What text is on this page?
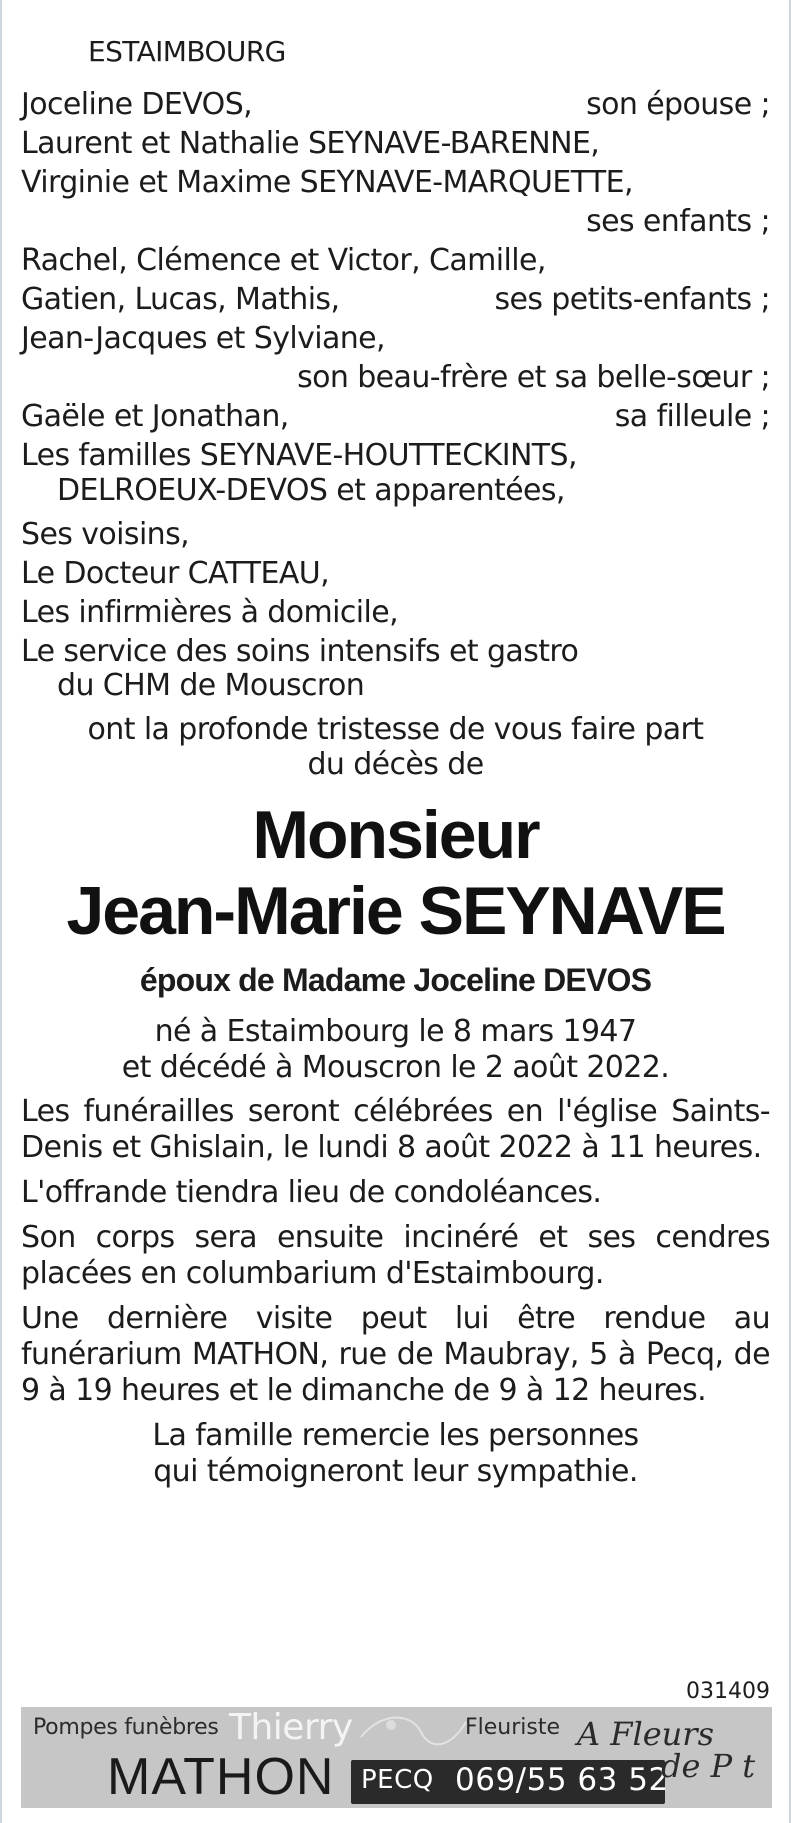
ESTAIMBOURG
Joceline DEVOS,	son épouse ;
Laurent et Nathalie SEYNAVE-BARENNE,
Virginie et Maxime SEYNAVE-MARQUETTE,
ses enfants ;
Rachel, Clémence et Victor, Camille,
Gatien, Lucas, Mathis,	ses petits-enfants ;
Jean-Jacques et Sylviane,
son beau-frère et sa belle-sœur ;
Gaële et Jonathan,	sa filleule ;
Les familles SEYNAVE-HOUTTECKINTS,
DELROEUX-DEVOS et apparentées,
Ses voisins,
Le Docteur CATTEAU,
Les infirmières à domicile,
Le service des soins intensifs et gastro
du CHM de Mouscron
ont la profonde tristesse de vous faire part
du décès de
Monsieur
Jean-Marie SEYNAVE
époux de Madame Joceline DEVOS
né à Estaimbourg le 8 mars 1947
et décédé à Mouscron le 2 août 2022.
Les funérailles seront célébrées en l'église Saints-
Denis et Ghislain, le lundi 8 août 2022 à 11 heures.
L'offrande tiendra lieu de condoléances.
Son corps sera ensuite incinéré et ses cendres
placées en columbarium d'Estaimbourg.
Une dernière visite peut lui être rendue au
funérarium MATHON, rue de Maubray, 5 à Pecq, de
9 à 19 heures et le dimanche de 9 à 12 heures.
La famille remercie les personnes
qui témoigneront leur sympathie.
031409
Pompes funèbres Thierry
MATHON PECQ 069/55 63 52
Fleuriste A Fleurs
de P t
